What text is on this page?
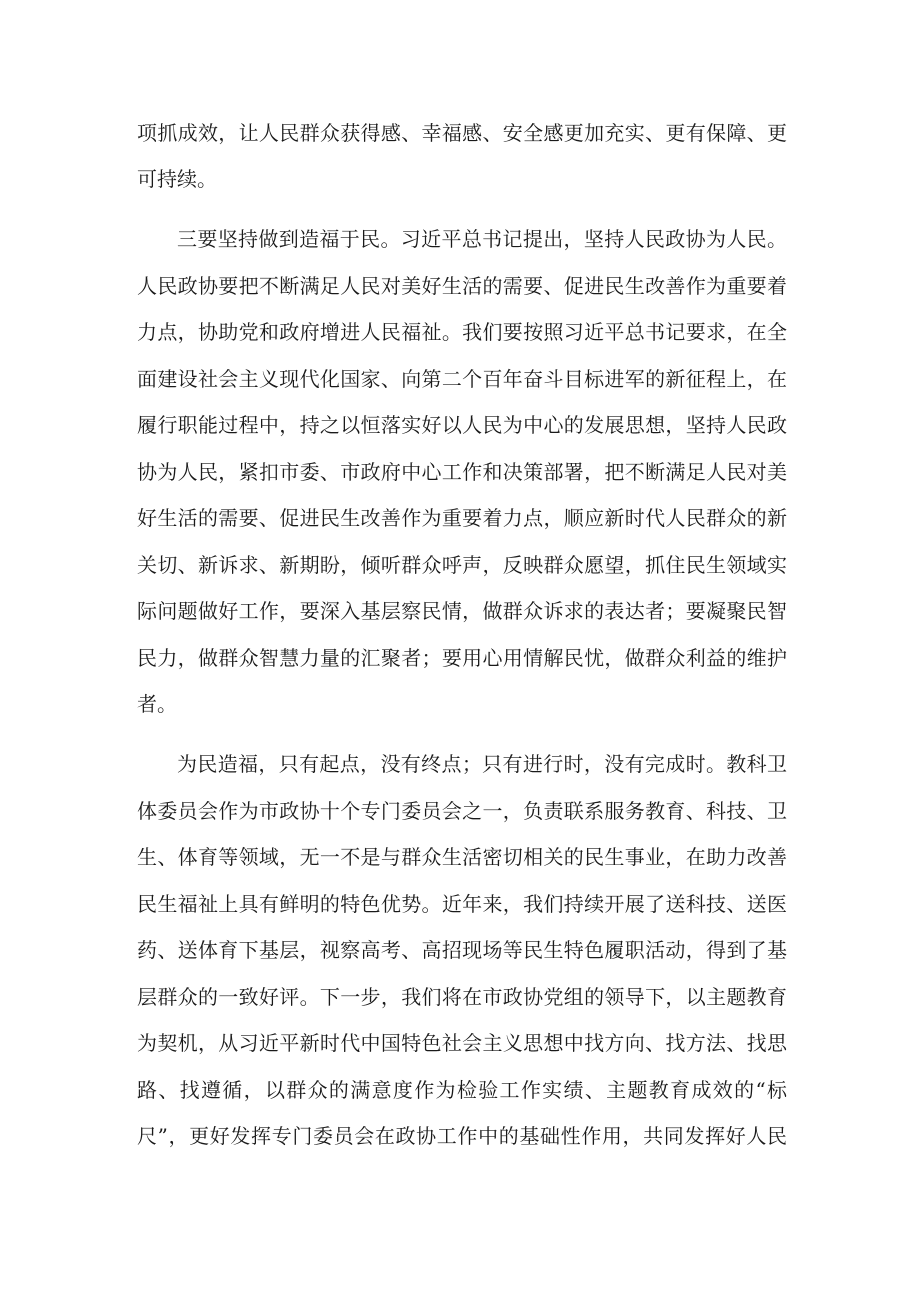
项抓成效，让人民群众获得感、幸福感、安全感更加充实、更有保障、更
可持续。
三要坚持做到造福于民。习近平总书记提出，坚持人民政协为人民。
人民政协要把不断满足人民对美好生活的需要、促进民生改善作为重要着
力点，协助党和政府增进人民福祉。我们要按照习近平总书记要求，在全
面建设社会主义现代化国家、向第二个百年奋斗目标进军的新征程上，在
履行职能过程中，持之以恒落实好以人民为中心的发展思想，坚持人民政
协为人民，紧扣市委、市政府中心工作和决策部署，把不断满足人民对美
好生活的需要、促进民生改善作为重要着力点，顺应新时代人民群众的新
关切、新诉求、新期盼，倾听群众呼声，反映群众愿望，抓住民生领域实
际问题做好工作，要深入基层察民情，做群众诉求的表达者；要凝聚民智
民力，做群众智慧力量的汇聚者；要用心用情解民忧，做群众利益的维护
者。
为民造福，只有起点，没有终点；只有进行时，没有完成时。教科卫
体委员会作为市政协十个专门委员会之一，负责联系服务教育、科技、卫
生、体育等领域，无一不是与群众生活密切相关的民生事业，在助力改善
民生福祉上具有鲜明的特色优势。近年来，我们持续开展了送科技、送医
药、送体育下基层，视察高考、高招现场等民生特色履职活动，得到了基
层群众的一致好评。下一步，我们将在市政协党组的领导下，以主题教育
为契机，从习近平新时代中国特色社会主义思想中找方向、找方法、找思
路、找遵循，以群众的满意度作为检验工作实绩、主题教育成效的“标
尺”，更好发挥专门委员会在政协工作中的基础性作用，共同发挥好人民
